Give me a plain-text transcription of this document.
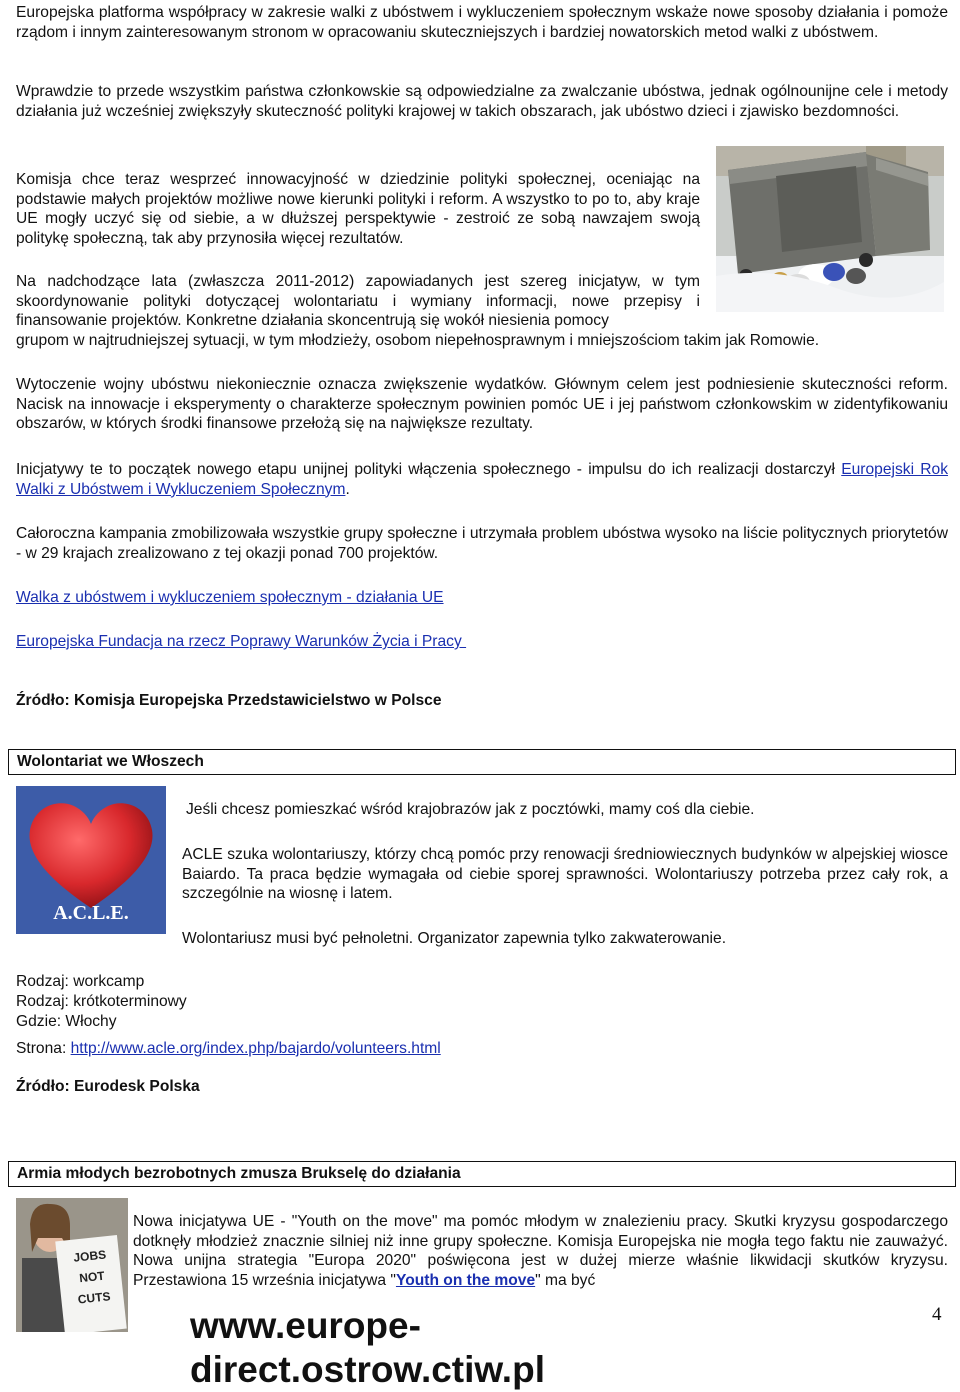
Europejska platforma współpracy w zakresie walki z ubóstwem i wykluczeniem społecznym wskaże nowe sposoby działania i pomoże rządom i innym zainteresowanym stronom w opracowaniu skuteczniejszych i bardziej nowatorskich metod walki z ubóstwem.

Wprawdzie to przede wszystkim państwa członkowskie są odpowiedzialne za zwalczanie ubóstwa, jednak ogólnounijne cele i metody działania już wcześniej zwiększyły skuteczność polityki krajowej w takich obszarach, jak ubóstwo dzieci i zjawisko bezdomności.

Komisja chce teraz wesprzeć innowacyjność w dziedzinie polityki społecznej, oceniając na podstawie małych projektów możliwe nowe kierunki polityki i reform. A wszystko to po to, aby kraje UE mogły uczyć się od siebie, a w dłuższej perspektywie - zestroić ze sobą nawzajem swoją politykę społeczną, tak aby przynosiła więcej rezultatów.

Na nadchodzące lata (zwłaszcza 2011-2012) zapowiadanych jest szereg inicjatyw, w tym skoordynowanie polityki dotyczącej wolontariatu i wymiany informacji, nowe przepisy i finansowanie projektów. Konkretne działania skoncentrują się wokół niesienia pomocy

grupom w najtrudniejszej sytuacji, w tym młodzieży, osobom niepełnosprawnym i mniejszościom takim jak Romowie.

Wytoczenie wojny ubóstwu niekoniecznie oznacza zwiększenie wydatków. Głównym celem jest podniesienie skuteczności reform. Nacisk na innowacje i eksperymenty o charakterze społecznym powinien pomóc UE i jej państwom członkowskim w zidentyfikowaniu obszarów, w których środki finansowe przełożą się na największe rezultaty.

Inicjatywy te to początek nowego etapu unijnej polityki włączenia społecznego - impulsu do ich realizacji dostarczył Europejski Rok Walki z Ubóstwem i Wykluczeniem Społecznym.

Całoroczna kampania zmobilizowała wszystkie grupy społeczne i utrzymała problem ubóstwa wysoko na liście politycznych priorytetów - w 29 krajach zrealizowano z tej okazji ponad 700 projektów.

Walka z ubóstwem i wykluczeniem społecznym - działania UE

Europejska Fundacja na rzecz Poprawy Warunków Życia i Pracy

Źródło: Komisja Europejska Przedstawicielstwo w Polsce

Wolontariat we Włoszech
A.C.L.E.

Jeśli chcesz pomieszkać wśród krajobrazów jak z pocztówki, mamy coś dla ciebie.

ACLE szuka wolontariuszy, którzy chcą pomóc przy renowacji średniowiecznych budynków w alpejskiej wiosce Baiardo. Ta praca będzie wymagała od ciebie sporej sprawności. Wolontariuszy potrzeba przez cały rok, a szczególnie na wiosnę i latem.

Wolontariusz musi być pełnoletni. Organizator zapewnia tylko zakwaterowanie.

Rodzaj: workcamp

Rodzaj: krótkoterminowy

Gdzie: Włochy

Strona: http://www.acle.org/index.php/bajardo/volunteers.html

Źródło: Eurodesk Polska

Armia młodych bezrobotnych zmusza Brukselę do działania
JOBS
NOT
CUTS

Nowa inicjatywa UE - "Youth on the move" ma pomóc młodym w znalezieniu pracy. Skutki kryzysu gospodarczego dotknęły młodzież znacznie silniej niż inne grupy społeczne. Komisja Europejska nie mogła tego faktu nie zauważyć. Nowa unijna strategia "Europa 2020" poświęcona jest w dużej mierze właśnie likwidacji skutków kryzysu. Przestawiona 15 września inicjatywa "Youth on the move" ma być

www.europe-direct.ostrow.ctiw.pl
4
